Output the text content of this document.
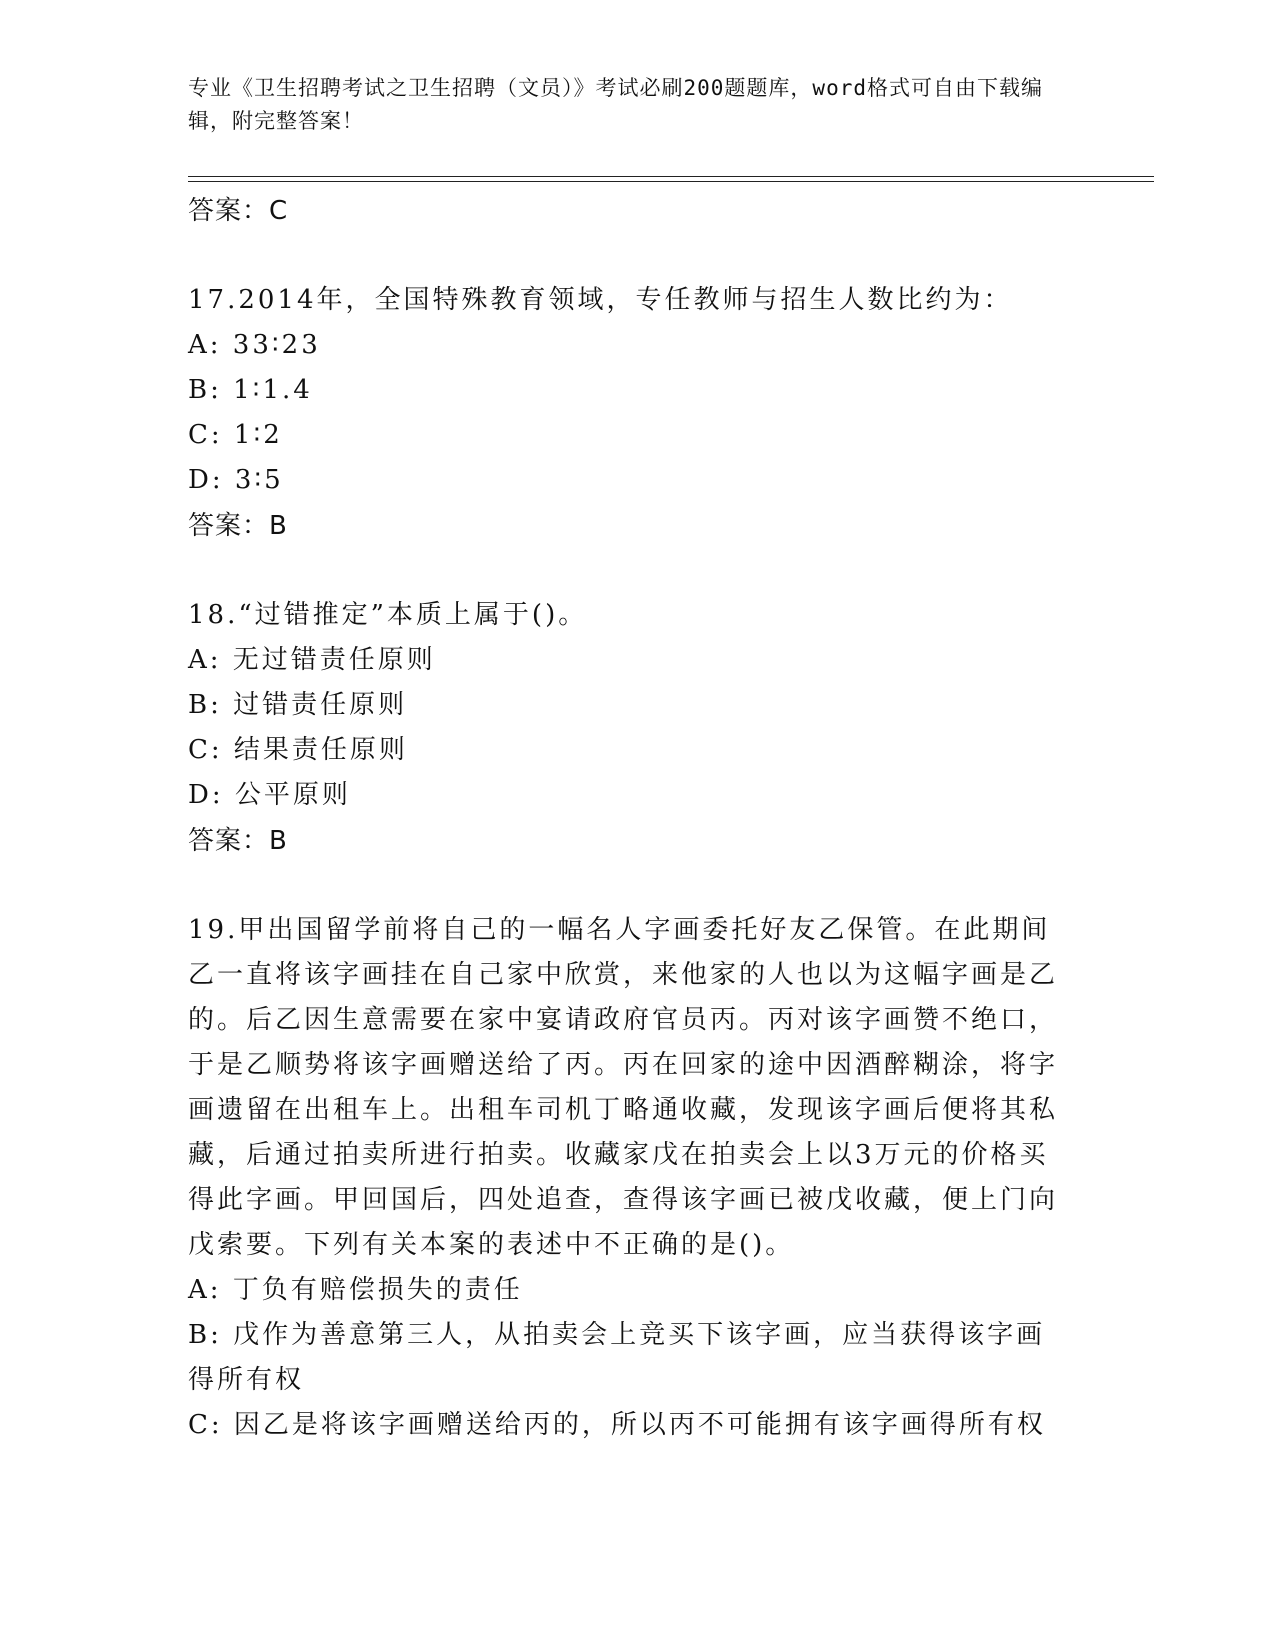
专业《卫生招聘考试之卫生招聘（文员）》考试必刷200题题库，word格式可自由下载编辑，附完整答案！
答案：C
17.2014年，全国特殊教育领域，专任教师与招生人数比约为：
A: 33∶23
B: 1∶1.4
C: 1∶2
D: 3∶5
答案：B
18.“过错推定”本质上属于()。
A: 无过错责任原则
B: 过错责任原则
C: 结果责任原则
D: 公平原则
答案：B
19.甲出国留学前将自己的一幅名人字画委托好友乙保管。在此期间乙一直将该字画挂在自己家中欣赏，来他家的人也以为这幅字画是乙的。后乙因生意需要在家中宴请政府官员丙。丙对该字画赞不绝口，于是乙顺势将该字画赠送给了丙。丙在回家的途中因酒醉糊涂，将字画遗留在出租车上。出租车司机丁略通收藏，发现该字画后便将其私藏，后通过拍卖所进行拍卖。收藏家戊在拍卖会上以3万元的价格买得此字画。甲回国后，四处追查，查得该字画已被戊收藏，便上门向戊索要。下列有关本案的表述中不正确的是()。
A: 丁负有赔偿损失的责任
B: 戊作为善意第三人，从拍卖会上竞买下该字画，应当获得该字画得所有权
C: 因乙是将该字画赠送给丙的，所以丙不可能拥有该字画得所有权
